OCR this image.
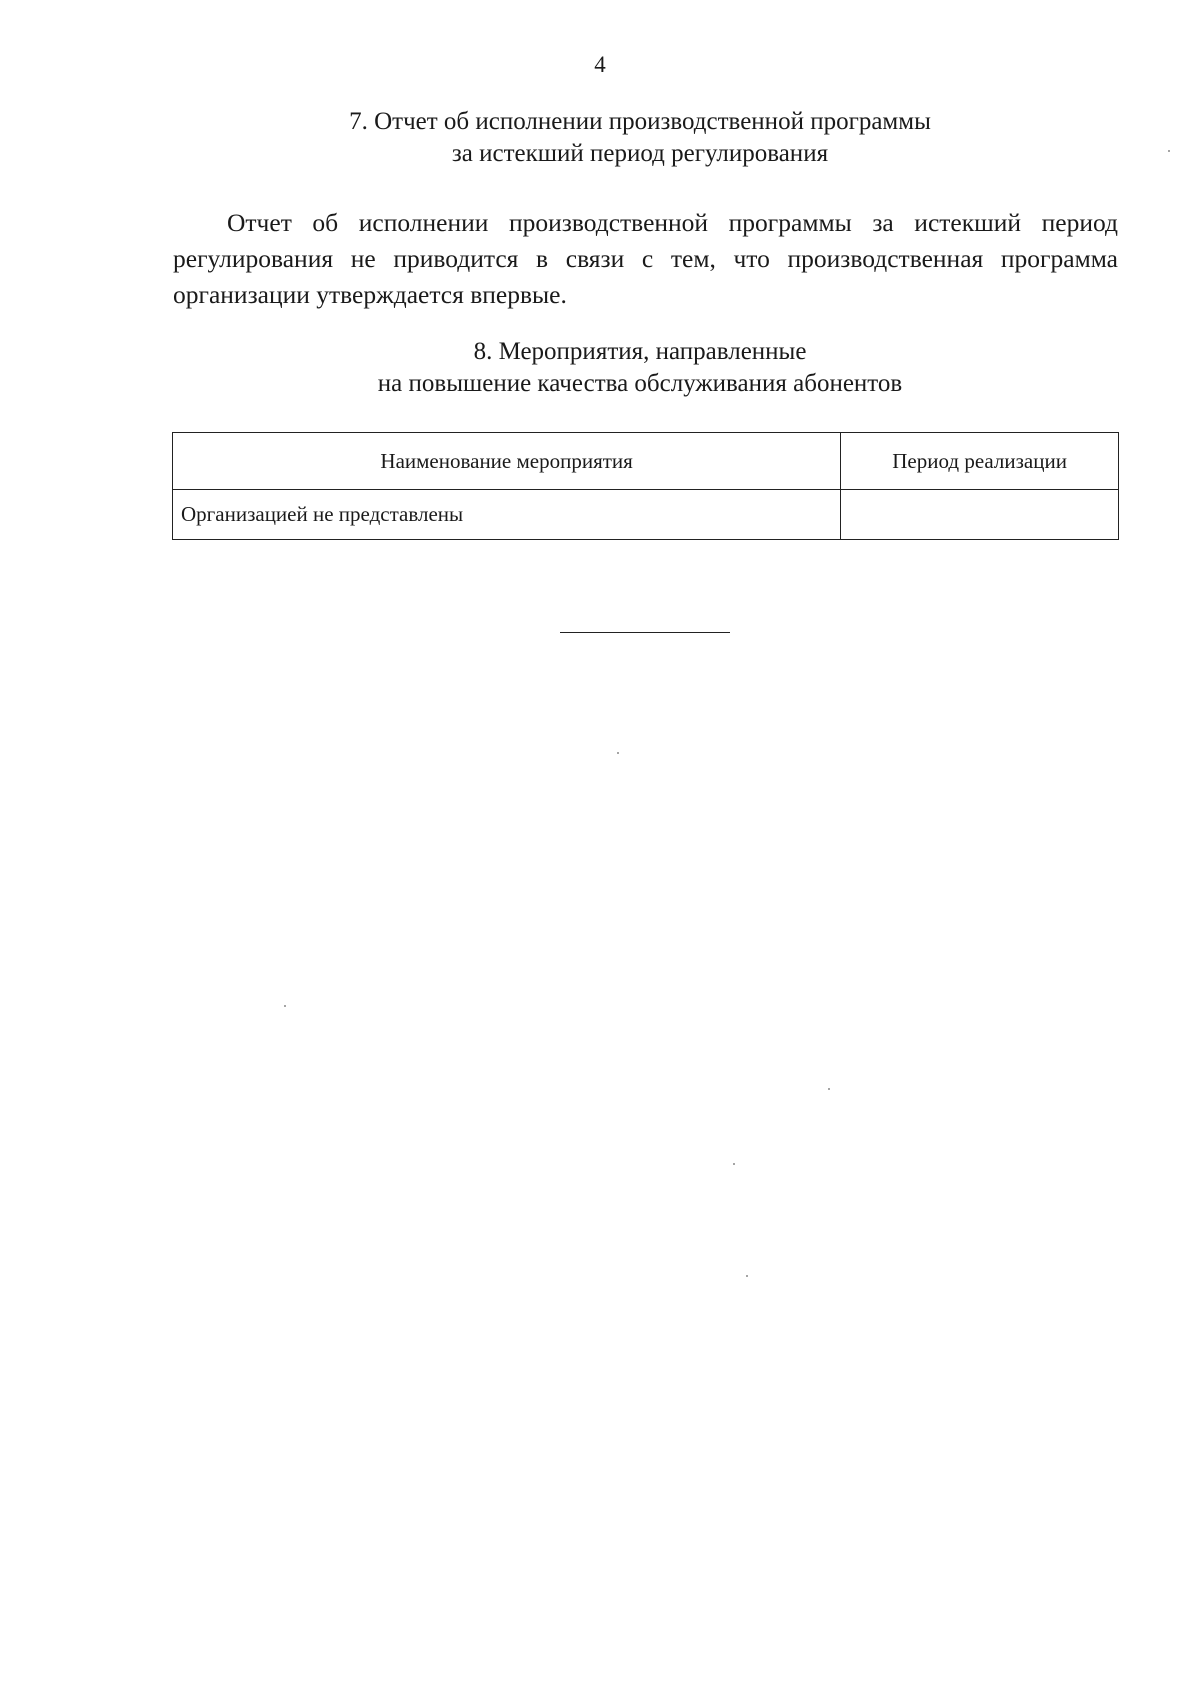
4
7. Отчет об исполнении производственной программы
за истекший период регулирования

Отчет об исполнении производственной программы за истекший период регулирования не приводится в связи с тем, что производственная программа организации утверждается впервые.

8. Мероприятия, направленные
на повышение качества обслуживания абонентов
Наименование мероприятия	Период реализации
Организацией не представлены	
